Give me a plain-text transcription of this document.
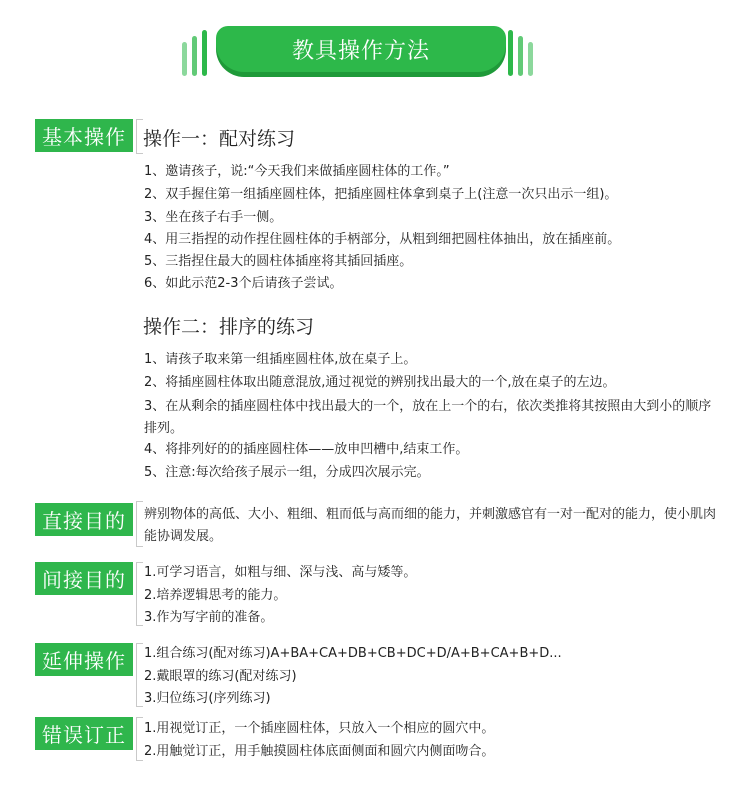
教具操作方法
基本操作 操作一：配对练习
1、邀请孩子，说:“今天我们来做插座圆柱体的工作。”
2、双手握住第一组插座圆柱体，把插座圆柱体拿到桌子上(注意一次只出示一组)。
3、坐在孩子右手一侧。
4、用三指捏的动作捏住圆柱体的手柄部分，从粗到细把圆柱体抽出，放在插座前。
5、三指捏住最大的圆柱体插座将其插回插座。
6、如此示范2-3个后请孩子尝试。
操作二：排序的练习
1、请孩子取来第一组插座圆柱体,放在桌子上。
2、将插座圆柱体取出随意混放,通过视觉的辨别找出最大的一个,放在桌子的左边。
3、在从剩余的插座圆柱体中找出最大的一个，放在上一个的右，依次类推将其按照由大到小的顺序排列。
4、将排列好的的插座圆柱体——放申凹槽中,结束工作。
5、注意:每次给孩子展示一组，分成四次展示完。
直接目的	辨别物体的高低、大小、粗细、粗而低与高而细的能力，并刺激感官有一对一配对的能力，使小肌肉能协调发展。
间接目的	1.可学习语言，如粗与细、深与浅、高与矮等。
2.培养逻辑思考的能力。
3.作为写字前的准备。
延伸操作	1.组合练习(配对练习)A+BA+CA+DB+CB+DC+D/A+B+CA+B+D...
2.戴眼罩的练习(配对练习)
3.归位练习(序列练习)
错误订正	1.用视觉订正，一个插座圆柱体，只放入一个相应的圆穴中。
2.用触觉订正，用手触摸圆柱体底面侧面和圆穴内侧面吻合。
